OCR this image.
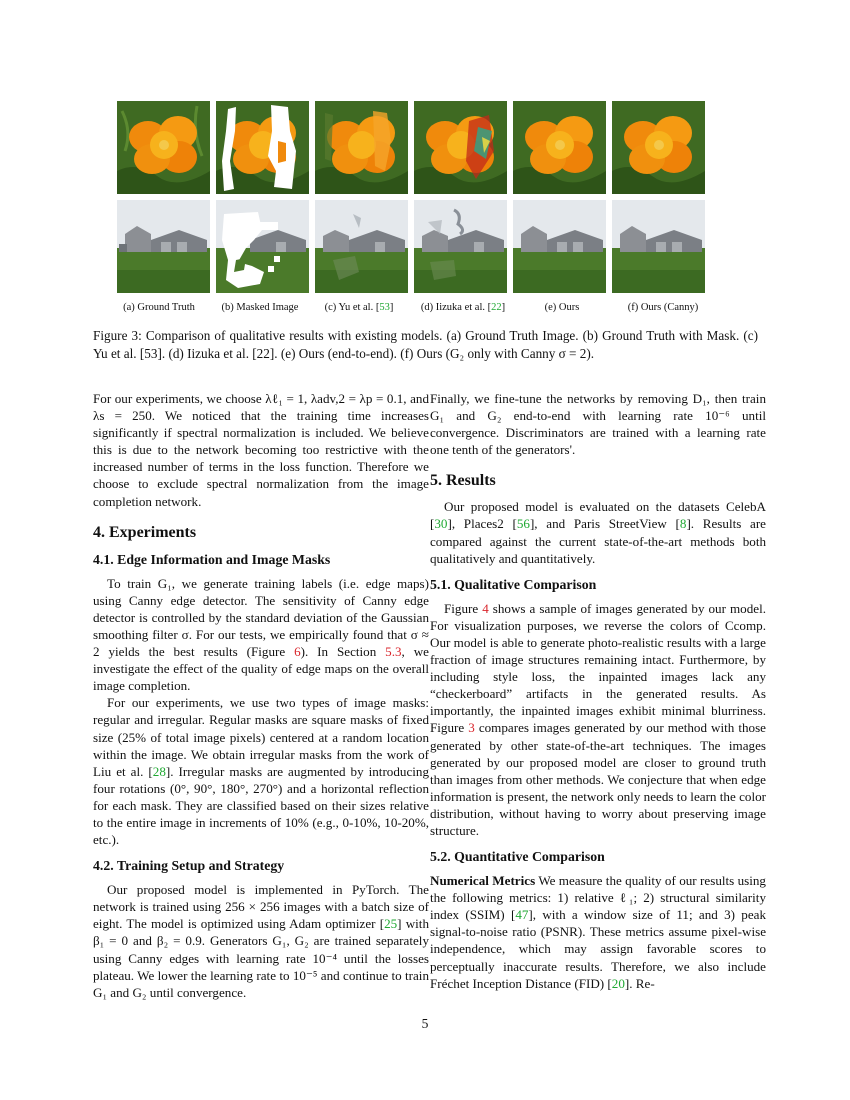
(a) Ground Truth	(b) Masked Image	(c) Yu et al. [53]	(d) Iizuka et al. [22]	(e) Ours	(f) Ours (Canny)
Figure 3: Comparison of qualitative results with existing models. (a) Ground Truth Image. (b) Ground Truth with Mask. (c) Yu et al. [53]. (d) Iizuka et al. [22]. (e) Ours (end-to-end). (f) Ours (G₂ only with Canny σ = 2).

For our experiments, we choose λℓ₁ = 1, λadv,2 = λp = 0.1, and λs = 250. We noticed that the training time increases significantly if spectral normalization is included. We believe this is due to the network becoming too restrictive with the increased number of terms in the loss function. Therefore we choose to exclude spectral normalization from the image completion network.

4. Experiments
4.1. Edge Information and Image Masks

To train G₁, we generate training labels (i.e. edge maps) using Canny edge detector. The sensitivity of Canny edge detector is controlled by the standard deviation of the Gaussian smoothing filter σ. For our tests, we empirically found that σ ≈ 2 yields the best results (Figure 6). In Section 5.3, we investigate the effect of the quality of edge maps on the overall image completion.

For our experiments, we use two types of image masks: regular and irregular. Regular masks are square masks of fixed size (25% of total image pixels) centered at a random location within the image. We obtain irregular masks from the work of Liu et al. [28]. Irregular masks are augmented by introducing four rotations (0°, 90°, 180°, 270°) and a horizontal reflection for each mask. They are classified based on their sizes relative to the entire image in increments of 10% (e.g., 0-10%, 10-20%, etc.).

4.2. Training Setup and Strategy

Our proposed model is implemented in PyTorch. The network is trained using 256 × 256 images with a batch size of eight. The model is optimized using Adam optimizer [25] with β₁ = 0 and β₂ = 0.9. Generators G₁, G₂ are trained separately using Canny edges with learning rate 10⁻⁴ until the losses plateau. We lower the learning rate to 10⁻⁵ and continue to train G₁ and G₂ until convergence.

Finally, we fine-tune the networks by removing D₁, then train G₁ and G₂ end-to-end with learning rate 10⁻⁶ until convergence. Discriminators are trained with a learning rate one tenth of the generators'.

5. Results

Our proposed model is evaluated on the datasets CelebA [30], Places2 [56], and Paris StreetView [8]. Results are compared against the current state-of-the-art methods both qualitatively and quantitatively.

5.1. Qualitative Comparison

Figure 4 shows a sample of images generated by our model. For visualization purposes, we reverse the colors of Ccomp. Our model is able to generate photo-realistic results with a large fraction of image structures remaining intact. Furthermore, by including style loss, the inpainted images lack any “checkerboard” artifacts in the generated results. As importantly, the inpainted images exhibit minimal blurriness. Figure 3 compares images generated by our method with those generated by other state-of-the-art techniques. The images generated by our proposed model are closer to ground truth than images from other methods. We conjecture that when edge information is present, the network only needs to learn the color distribution, without having to worry about preserving image structure.

5.2. Quantitative Comparison

Numerical Metrics We measure the quality of our results using the following metrics: 1) relative ℓ₁; 2) structural similarity index (SSIM) [47], with a window size of 11; and 3) peak signal-to-noise ratio (PSNR). These metrics assume pixel-wise independence, which may assign favorable scores to perceptually inaccurate results. Therefore, we also include Fréchet Inception Distance (FID) [20]. Re-

5
